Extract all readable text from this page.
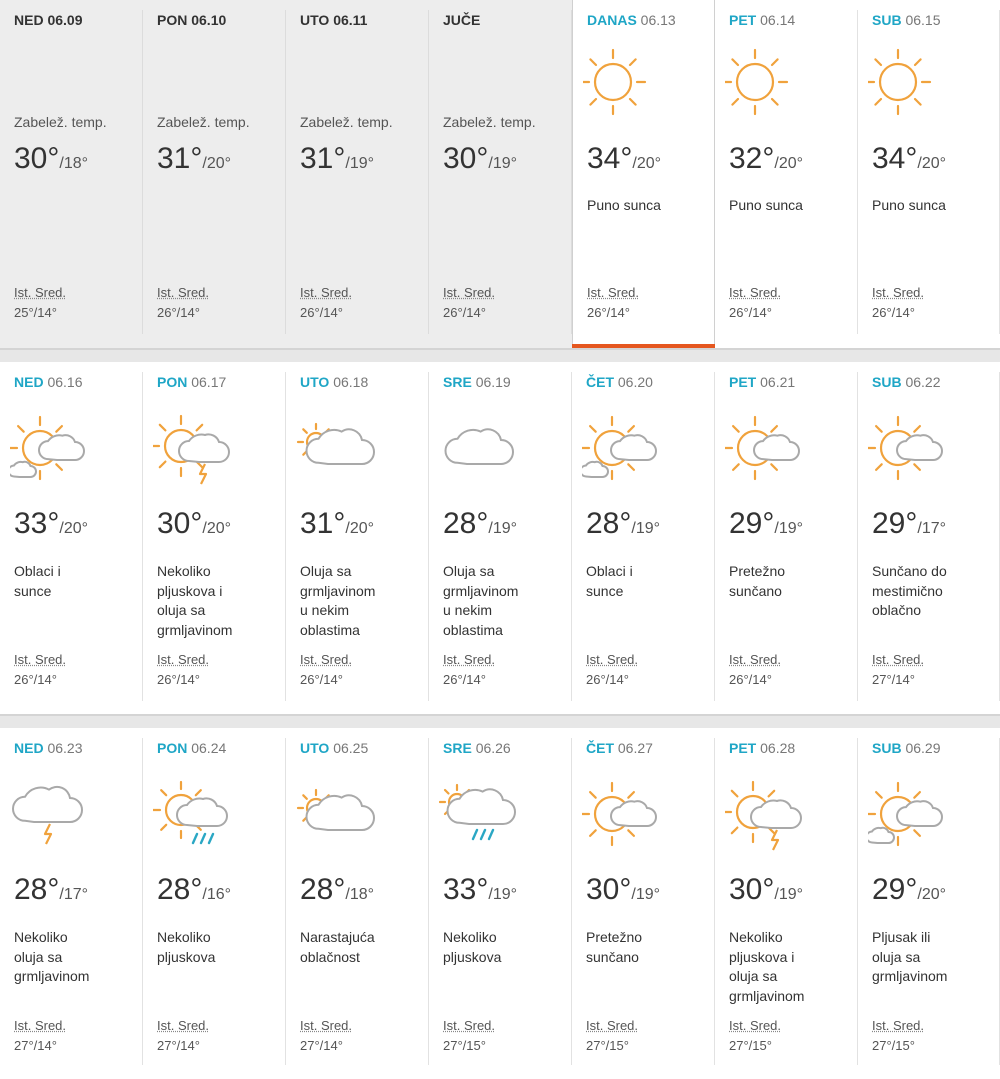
NED 06.09
Zabelež. temp.
30°/18°
Ist. Sred.
25°/14°
PON 06.10
Zabelež. temp.
31°/20°
Ist. Sred.
26°/14°
UTO 06.11
Zabelež. temp.
31°/19°
Ist. Sred.
26°/14°
JUČE
Zabelež. temp.
30°/19°
Ist. Sred.
26°/14°
DANAS 06.13
34°/20°
Puno sunca
Ist. Sred.
26°/14°
PET 06.14
32°/20°
Puno sunca
Ist. Sred.
26°/14°
SUB 06.15
34°/20°
Puno sunca
Ist. Sred.
26°/14°
NED 06.16
33°/20°
Oblaci i
sunce
Ist. Sred.
26°/14°
PON 06.17
30°/20°
Nekoliko
pljuskova i
oluja sa
grmljavinom
Ist. Sred.
26°/14°
UTO 06.18
31°/20°
Oluja sa
grmljavinom
u nekim
oblastima
Ist. Sred.
26°/14°
SRE 06.19
28°/19°
Oluja sa
grmljavinom
u nekim
oblastima
Ist. Sred.
26°/14°
ČET 06.20
28°/19°
Oblaci i
sunce
Ist. Sred.
26°/14°
PET 06.21
29°/19°
Pretežno
sunčano
Ist. Sred.
26°/14°
SUB 06.22
29°/17°
Sunčano do
mestimično
oblačno
Ist. Sred.
27°/14°
NED 06.23
28°/17°
Nekoliko
oluja sa
grmljavinom
Ist. Sred.
27°/14°
PON 06.24
28°/16°
Nekoliko
pljuskova
Ist. Sred.
27°/14°
UTO 06.25
28°/18°
Narastajuća
oblačnost
Ist. Sred.
27°/14°
SRE 06.26
33°/19°
Nekoliko
pljuskova
Ist. Sred.
27°/15°
ČET 06.27
30°/19°
Pretežno
sunčano
Ist. Sred.
27°/15°
PET 06.28
30°/19°
Nekoliko
pljuskova i
oluja sa
grmljavinom
Ist. Sred.
27°/15°
SUB 06.29
29°/20°
Pljusak ili
oluja sa
grmljavinom
Ist. Sred.
27°/15°
